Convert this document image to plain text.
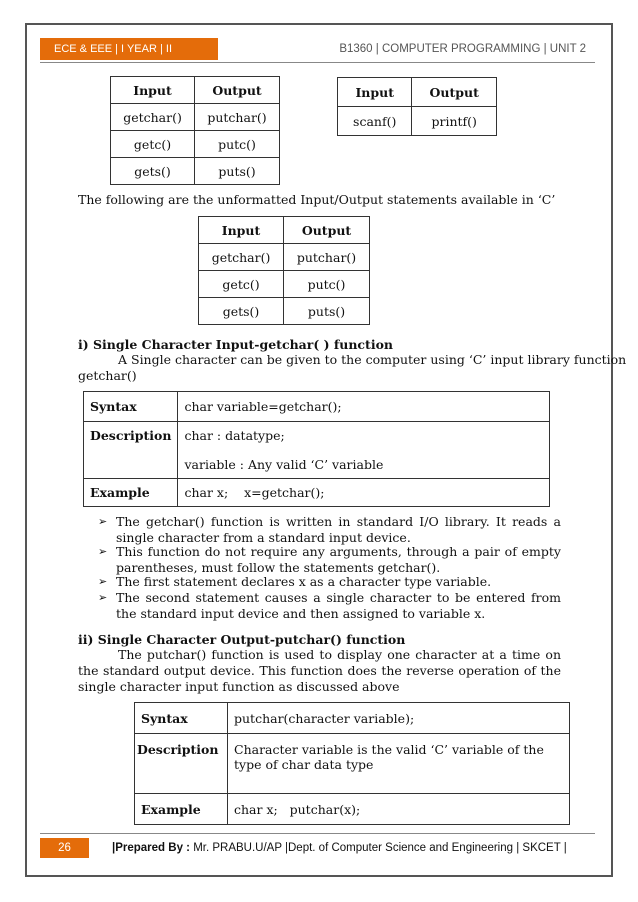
ECE & EEE | I YEAR | II SEMESTER
B1360 | COMPUTER PROGRAMMING | UNIT 2
Input	Output
getchar()	putchar()
getc()	putc()
gets()	puts()
Input	Output
scanf()	printf()
The following are the unformatted Input/Output statements available in ‘C’
Input	Output
getchar()	putchar()
getc()	putc()
gets()	puts()
i) Single Character Input-getchar( ) function
A Single character can be given to the computer using ‘C’ input library function
getchar()
Syntax	char variable=getchar();
Description	char : datatype;
variable : Any valid ‘C’ variable

Example	char x;    x=getchar();
➢ The getchar() function is written in standard I/O library. It reads a single character from a standard input device.
➢ This function do not require any arguments, through a pair of empty parentheses, must follow the statements getchar().
➢ The first statement declares x as a character type variable.
➢ The second statement causes a single character to be entered from the standard input device and then assigned to variable x.
ii) Single Character Output-putchar() function
The putchar() function is used to display one character at a time on the standard output device. This function does the reverse operation of the single character input function as discussed above
Syntax	putchar(character variable);
Description	Character variable is the valid ‘C’ variable of the type of char data type
Example	char x;   putchar(x);
26	|Prepared By : Mr. PRABU.U/AP |Dept. of Computer Science and Engineering | SKCET |
